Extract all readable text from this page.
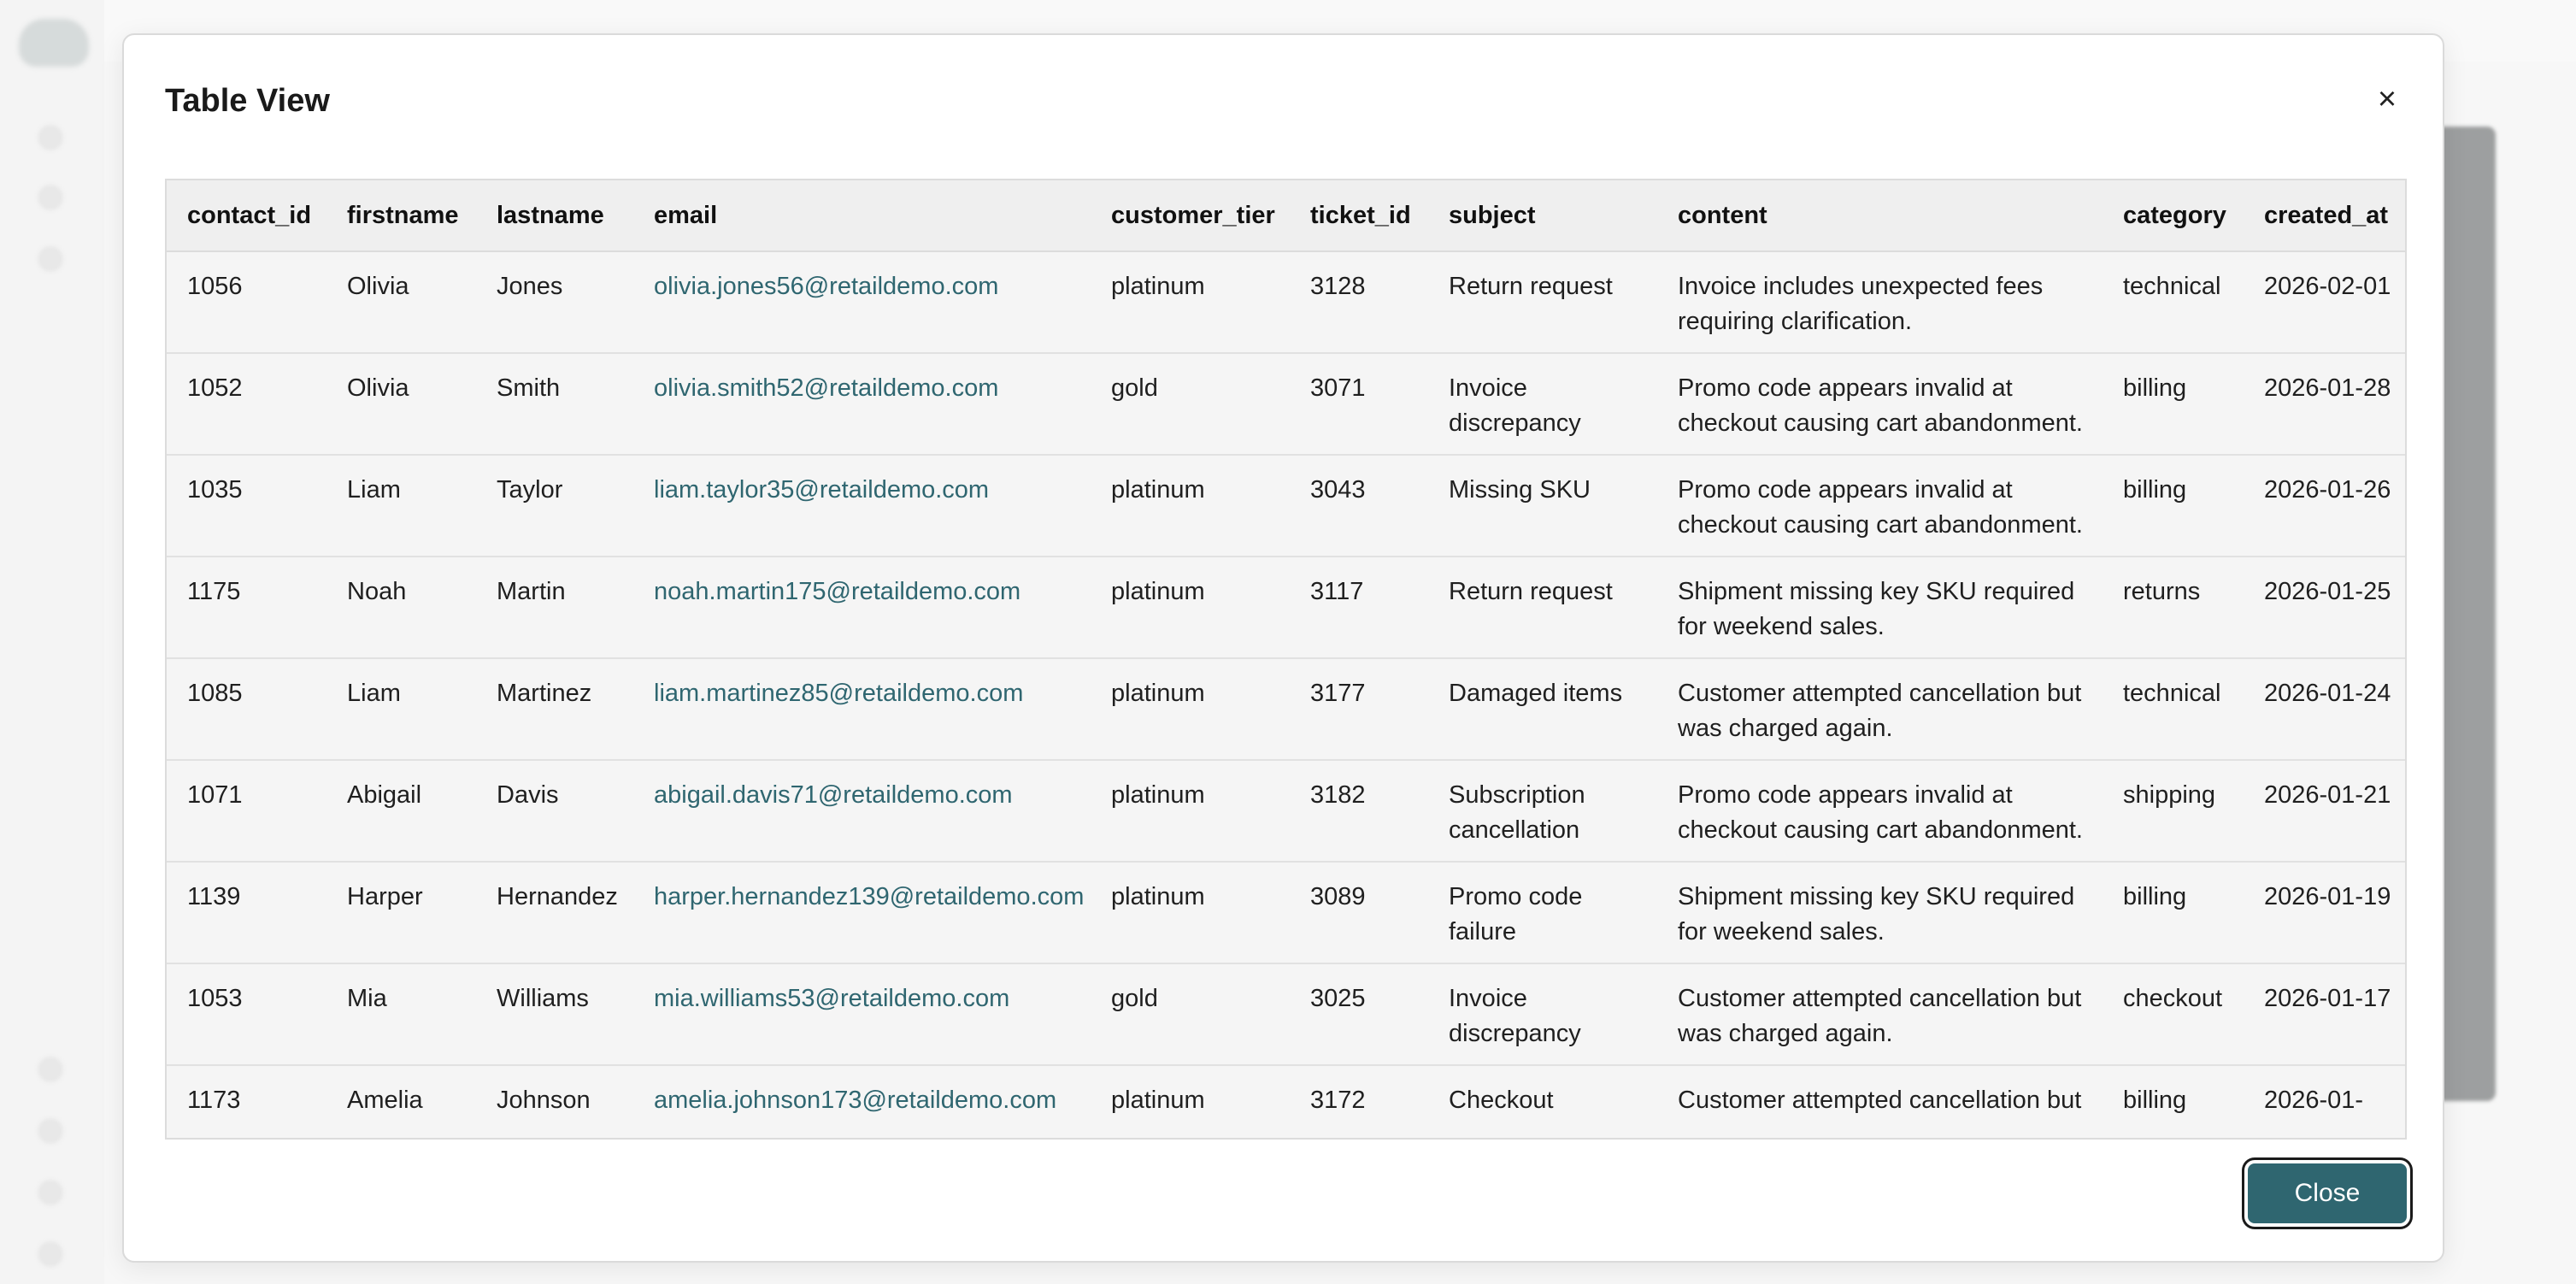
Table View	×
contact_id	firstname	lastname	email	customer_tier	ticket_id	subject	content	category	created_at
1056	Olivia	Jones	olivia.jones56@retaildemo.com	platinum	3128	Return request	Invoice includes unexpected fees requiring clarification.	technical	2026-02-01
1052	Olivia	Smith	olivia.smith52@retaildemo.com	gold	3071	Invoice discrepancy	Promo code appears invalid at checkout causing cart abandonment.	billing	2026-01-28
1035	Liam	Taylor	liam.taylor35@retaildemo.com	platinum	3043	Missing SKU	Promo code appears invalid at checkout causing cart abandonment.	billing	2026-01-26
1175	Noah	Martin	noah.martin175@retaildemo.com	platinum	3117	Return request	Shipment missing key SKU required for weekend sales.	returns	2026-01-25
1085	Liam	Martinez	liam.martinez85@retaildemo.com	platinum	3177	Damaged items	Customer attempted cancellation but was charged again.	technical	2026-01-24
1071	Abigail	Davis	abigail.davis71@retaildemo.com	platinum	3182	Subscription cancellation	Promo code appears invalid at checkout causing cart abandonment.	shipping	2026-01-21
1139	Harper	Hernandez	harper.hernandez139@retaildemo.com	platinum	3089	Promo code failure	Shipment missing key SKU required for weekend sales.	billing	2026-01-19
1053	Mia	Williams	mia.williams53@retaildemo.com	gold	3025	Invoice discrepancy	Customer attempted cancellation but was charged again.	checkout	2026-01-17
1173	Amelia	Johnson	amelia.johnson173@retaildemo.com	platinum	3172	Checkout	Customer attempted cancellation but	billing	2026-01-
Close
